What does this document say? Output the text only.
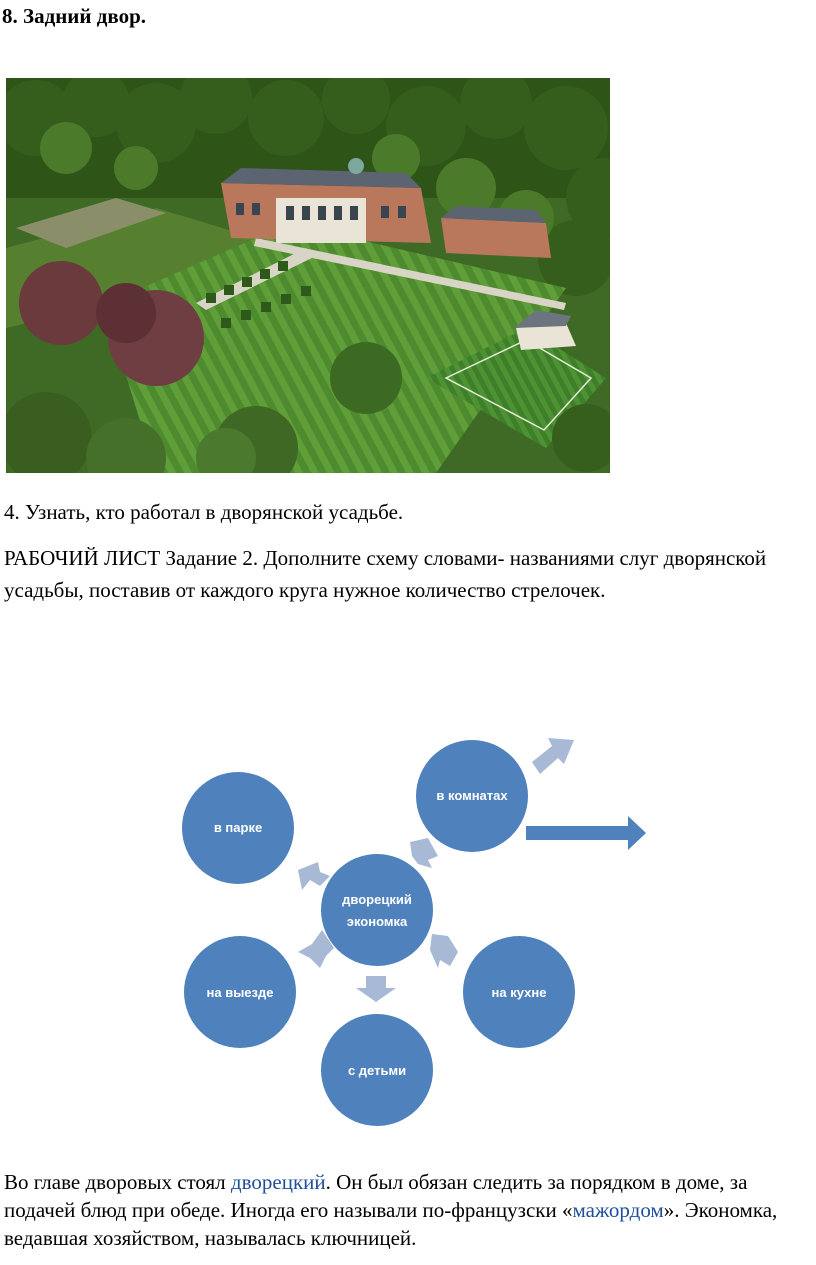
8. Задний двор.

4. Узнать, кто работал в дворянской усадьбе.

РАБОЧИЙ ЛИСТ Задание 2. Дополните схему словами- названиями слуг дворянской усадьбы, поставив от каждого круга нужное количество стрелочек.

в парке
в комнатах
дворецкий
экономка
на выезде	на кухне
с детьми

Во главе дворовых стоял дворецкий. Он был обязан следить за порядком в доме, за подачей блюд при обеде. Иногда его называли по-французски «мажордом». Экономка, ведавшая хозяйством, называлась ключницей.
